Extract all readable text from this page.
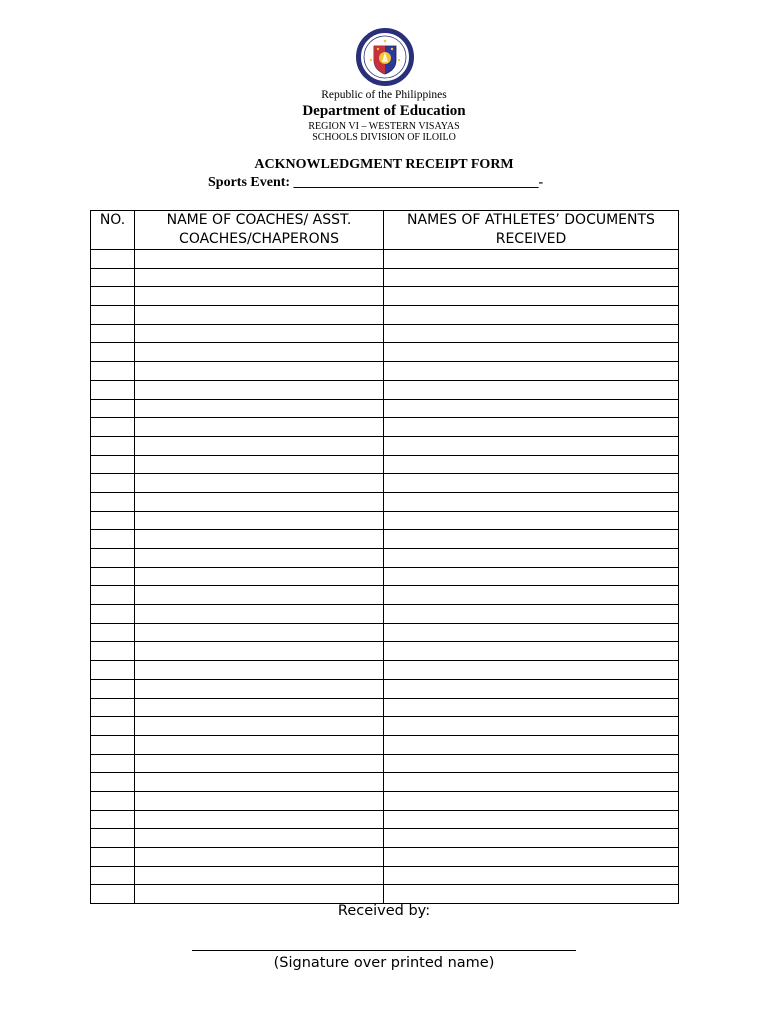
Republic of the Philippines
Department of Education
REGION VI – WESTERN VISAYAS
SCHOOLS DIVISION OF ILOILO
ACKNOWLEDGMENT RECEIPT FORM
Sports Event: ___________________________________-
NO.	NAME OF COACHES/ ASST. COACHES/CHAPERONS	NAMES OF ATHLETES’ DOCUMENTS RECEIVED

Received by:
(Signature over printed name)
